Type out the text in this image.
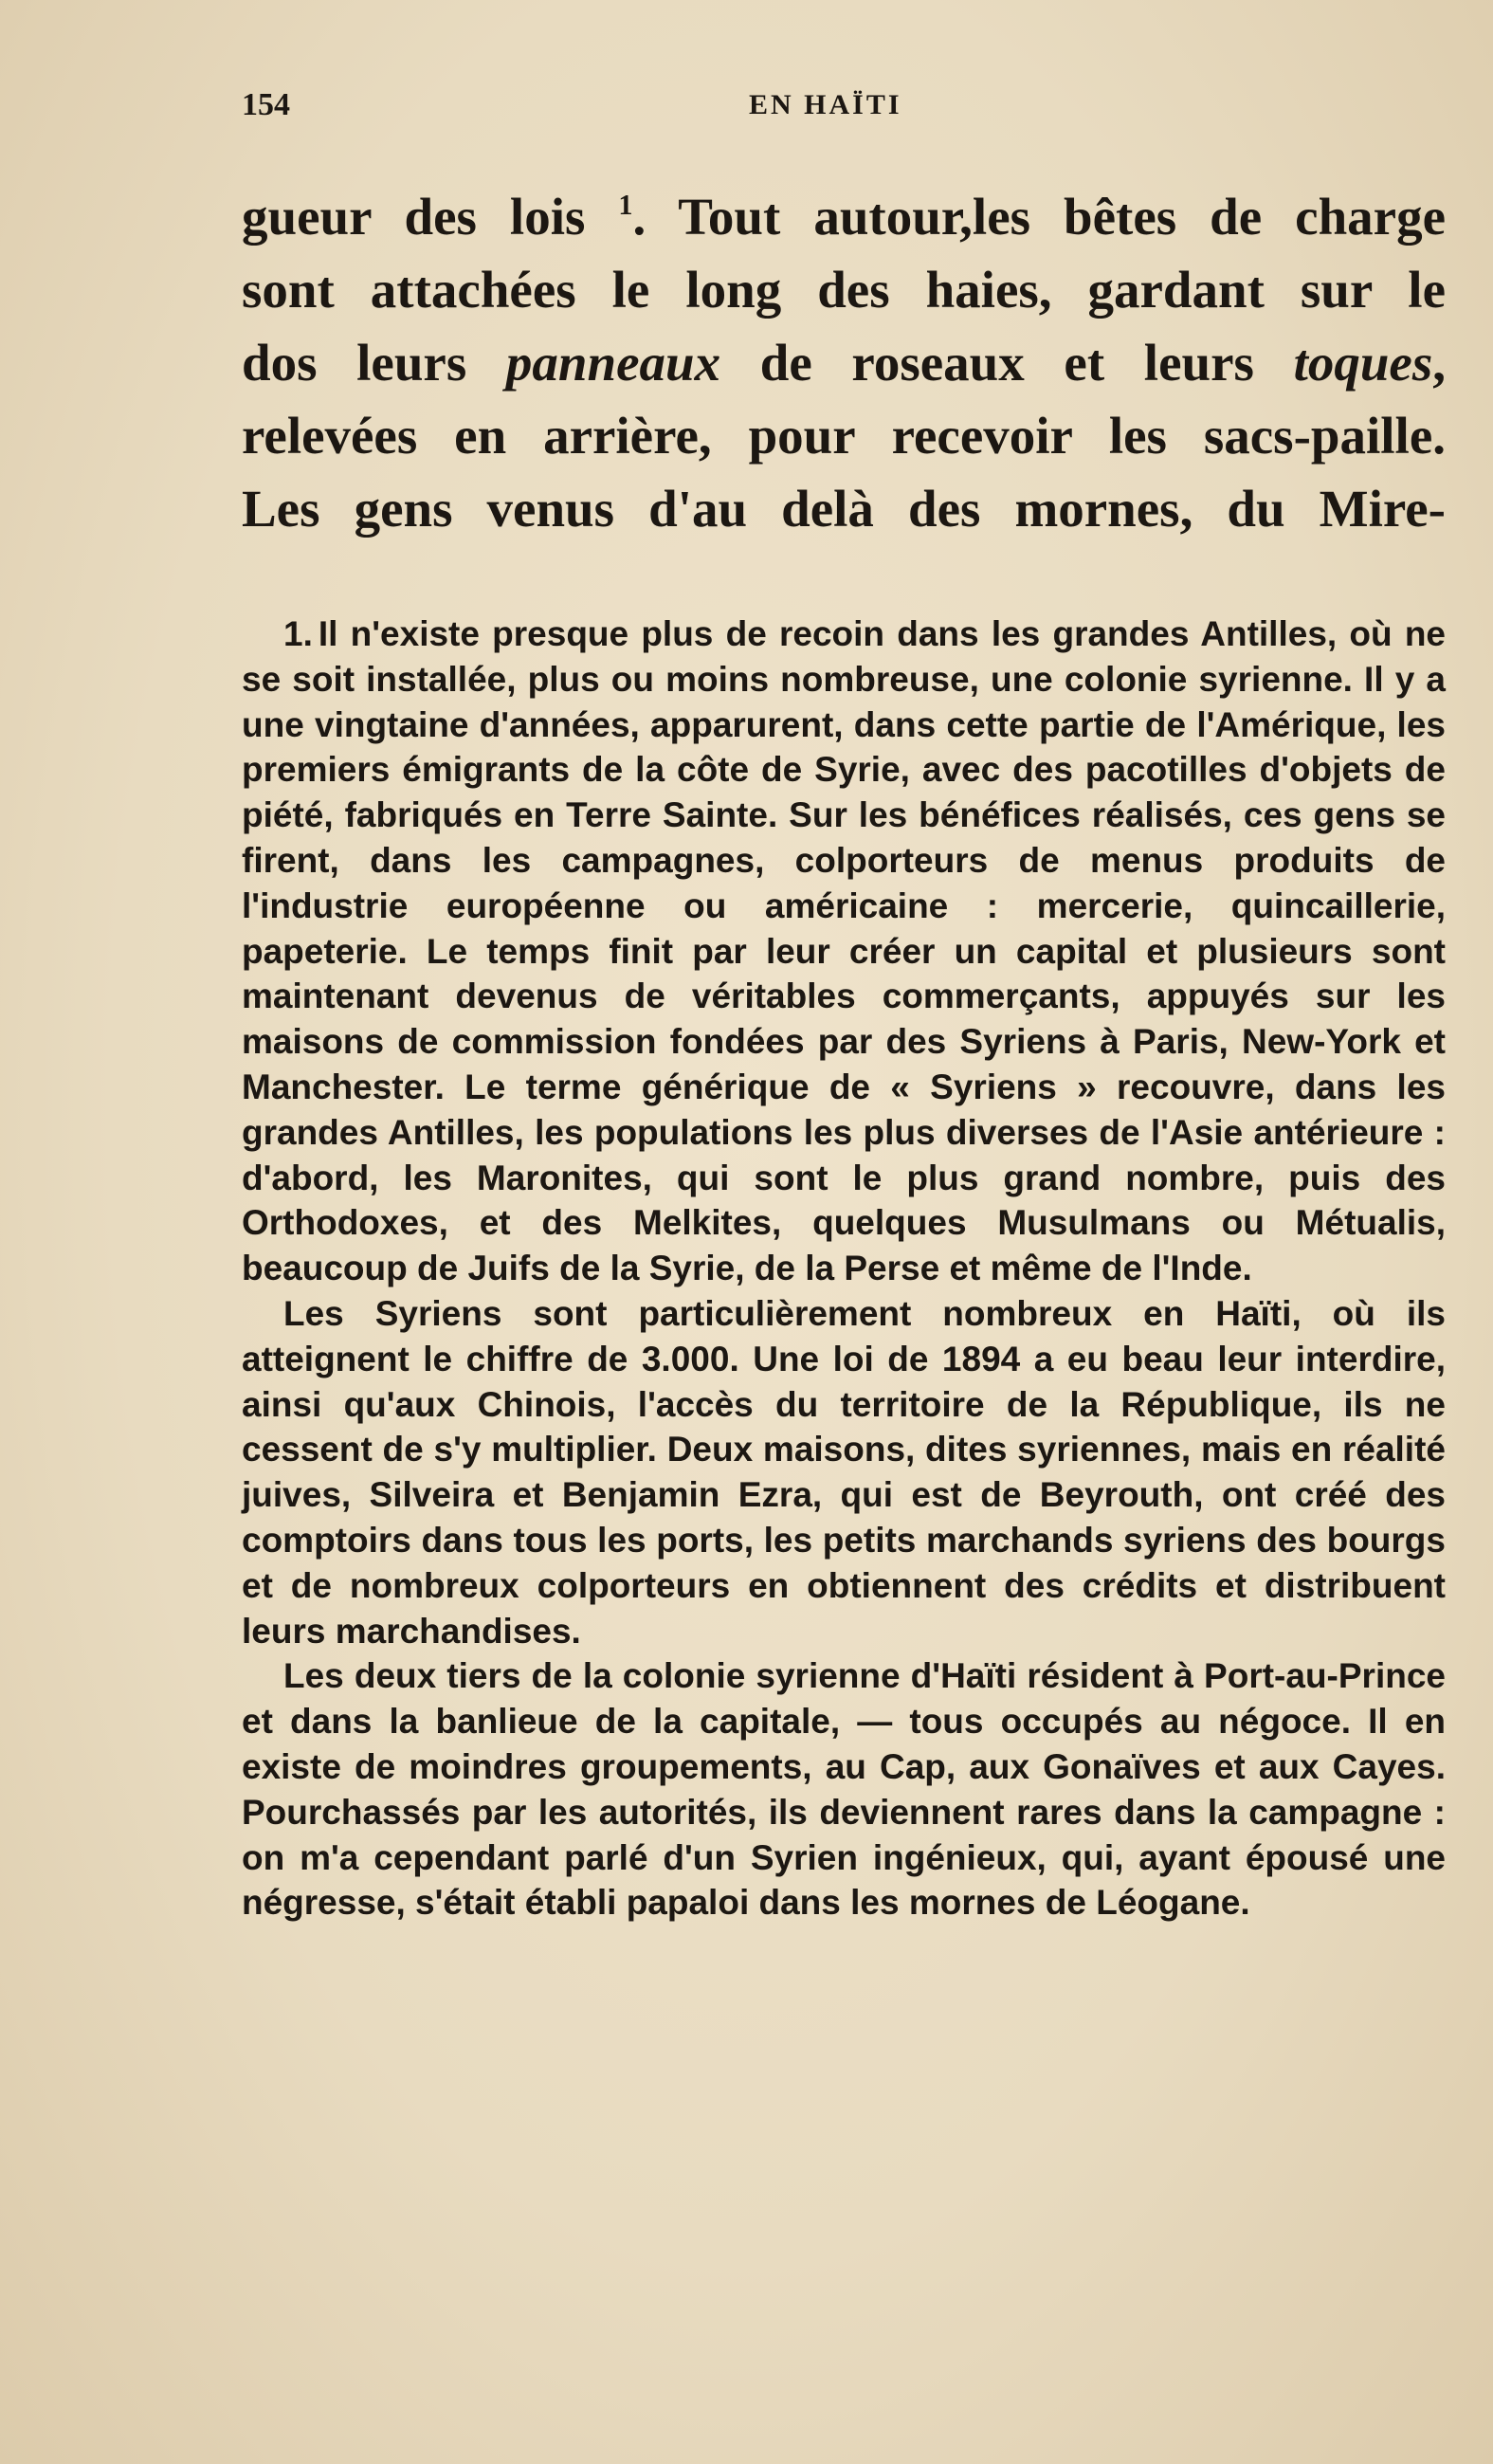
154	EN HAÏTI
gueur des lois $^1$. Tout autour,les bêtes de charge
sont attachées le long des haies, gardant sur le
dos leurs panneaux de roseaux et leurs toques,
relevées en arrière, pour recevoir les sacs-paille.
Les gens venus d'au delà des mornes, du Mire-

1. Il n'existe presque plus de recoin dans les grandes Antilles, où ne se soit installée, plus ou moins nombreuse, une colonie syrienne. Il y a une vingtaine d'années, apparurent, dans cette partie de l'Amérique, les premiers émigrants de la côte de Syrie, avec des pacotilles d'objets de piété, fabriqués en Terre Sainte. Sur les bénéfices réalisés, ces gens se firent, dans les campagnes, colporteurs de menus produits de l'industrie européenne ou américaine : mercerie, quincaillerie, papeterie. Le temps finit par leur créer un capital et plusieurs sont maintenant devenus de véritables commerçants, appuyés sur les maisons de commission fondées par des Syriens à Paris, New-York et Manchester. Le terme générique de « Syriens » recouvre, dans les grandes Antilles, les populations les plus diverses de l'Asie antérieure : d'abord, les Maronites, qui sont le plus grand nombre, puis des Orthodoxes, et des Melkites, quelques Musulmans ou Métualis, beaucoup de Juifs de la Syrie, de la Perse et même de l'Inde.

Les Syriens sont particulièrement nombreux en Haïti, où ils atteignent le chiffre de 3.000. Une loi de 1894 a eu beau leur interdire, ainsi qu'aux Chinois, l'accès du territoire de la République, ils ne cessent de s'y multiplier. Deux maisons, dites syriennes, mais en réalité juives, Silveira et Benjamin Ezra, qui est de Beyrouth, ont créé des comptoirs dans tous les ports, les petits marchands syriens des bourgs et de nombreux colporteurs en obtiennent des crédits et distribuent leurs marchandises.

Les deux tiers de la colonie syrienne d'Haïti résident à Port-au-Prince et dans la banlieue de la capitale, — tous occupés au négoce. Il en existe de moindres groupements, au Cap, aux Gonaïves et aux Cayes. Pourchassés par les autorités, ils deviennent rares dans la campagne : on m'a cependant parlé d'un Syrien ingénieux, qui, ayant épousé une négresse, s'était établi papaloi dans les mornes de Léogane.
